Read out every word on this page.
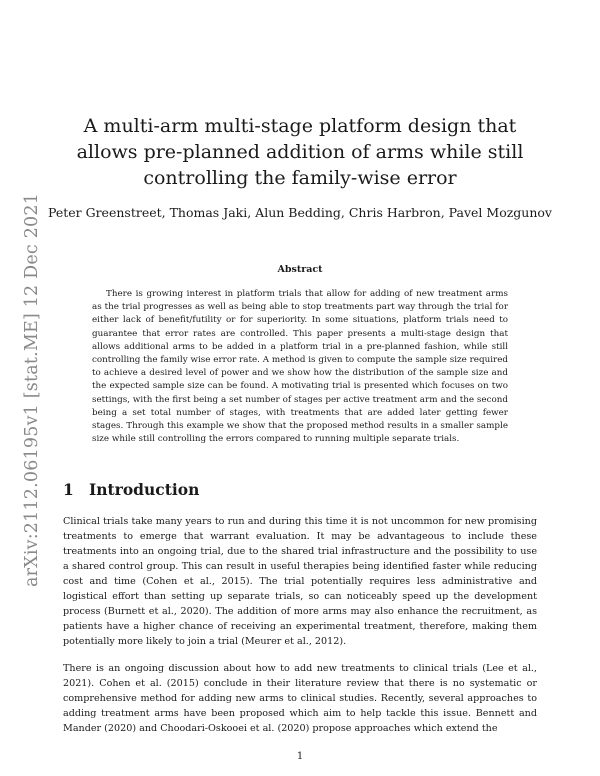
arXiv:2112.06195v1 [stat.ME] 12 Dec 2021
A multi-arm multi-stage platform design that allows pre-planned addition of arms while still controlling the family-wise error
Peter Greenstreet, Thomas Jaki, Alun Bedding, Chris Harbron, Pavel Mozgunov
Abstract

There is growing interest in platform trials that allow for adding of new treatment arms as the trial progresses as well as being able to stop treatments part way through the trial for either lack of benefit/futility or for superiority. In some situations, platform trials need to guarantee that error rates are controlled. This paper presents a multi-stage design that allows additional arms to be added in a platform trial in a pre-planned fashion, while still controlling the family wise error rate. A method is given to compute the sample size required to achieve a desired level of power and we show how the distribution of the sample size and the expected sample size can be found. A motivating trial is presented which focuses on two settings, with the first being a set number of stages per active treatment arm and the second being a set total number of stages, with treatments that are added later getting fewer stages. Through this example we show that the proposed method results in a smaller sample size while still controlling the errors compared to running multiple separate trials.

1 Introduction

Clinical trials take many years to run and during this time it is not uncommon for new promising treatments to emerge that warrant evaluation. It may be advantageous to include these treatments into an ongoing trial, due to the shared trial infrastructure and the possibility to use a shared control group. This can result in useful therapies being identified faster while reducing cost and time (Cohen et al., 2015). The trial potentially requires less administrative and logistical effort than setting up separate trials, so can noticeably speed up the development process (Burnett et al., 2020). The addition of more arms may also enhance the recruitment, as patients have a higher chance of receiving an experimental treatment, therefore, making them potentially more likely to join a trial (Meurer et al., 2012).

There is an ongoing discussion about how to add new treatments to clinical trials (Lee et al., 2021). Cohen et al. (2015) conclude in their literature review that there is no systematic or comprehensive method for adding new arms to clinical studies. Recently, several approaches to adding treatment arms have been proposed which aim to help tackle this issue. Bennett and Mander (2020) and Choodari-Oskooei et al. (2020) propose approaches which extend the

1
